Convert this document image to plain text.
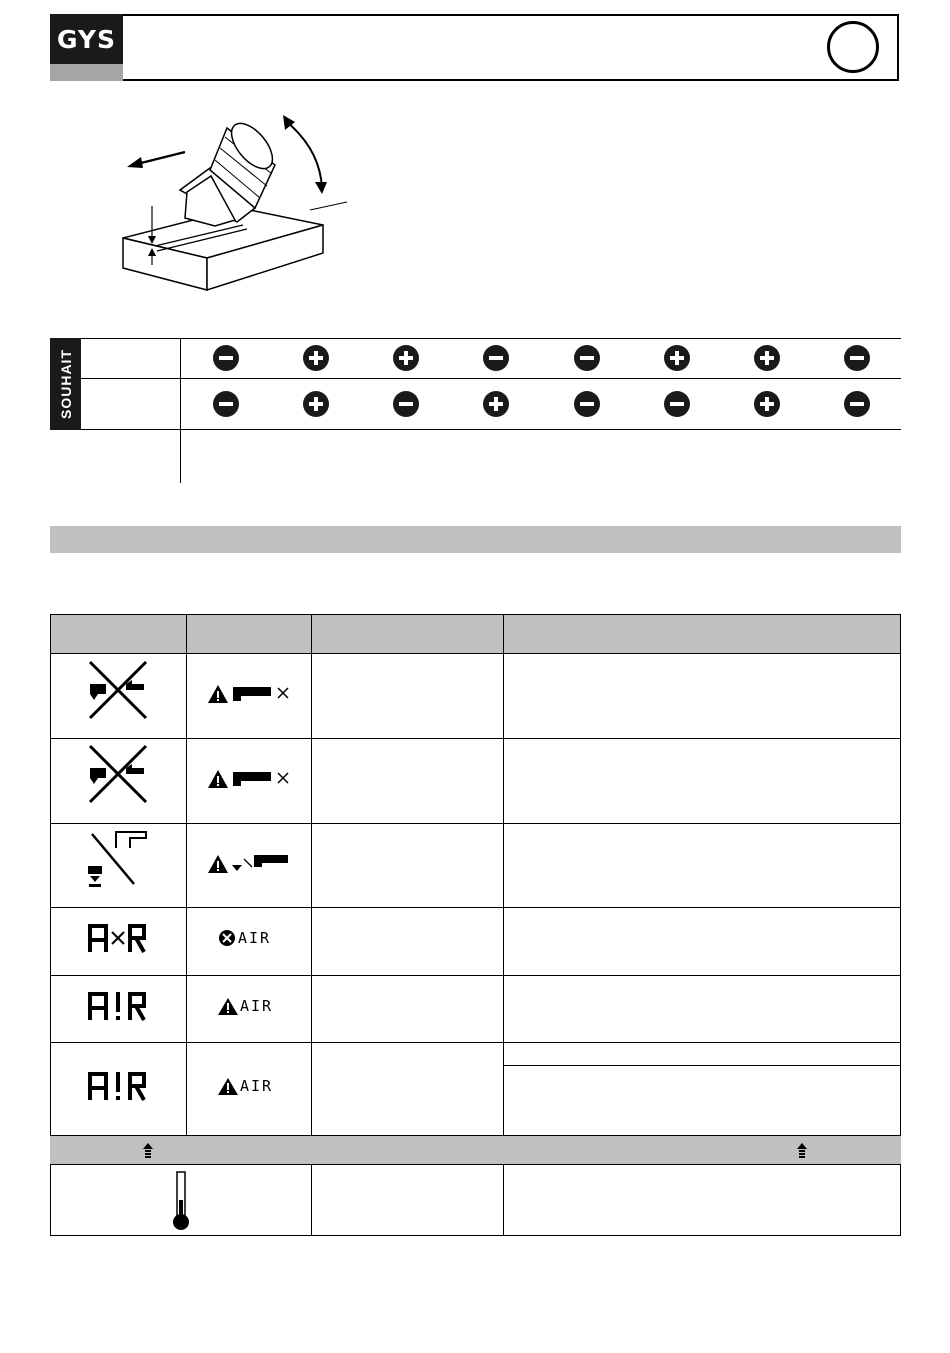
GYS
SOUHAIT
AIR
AIR
AIR
